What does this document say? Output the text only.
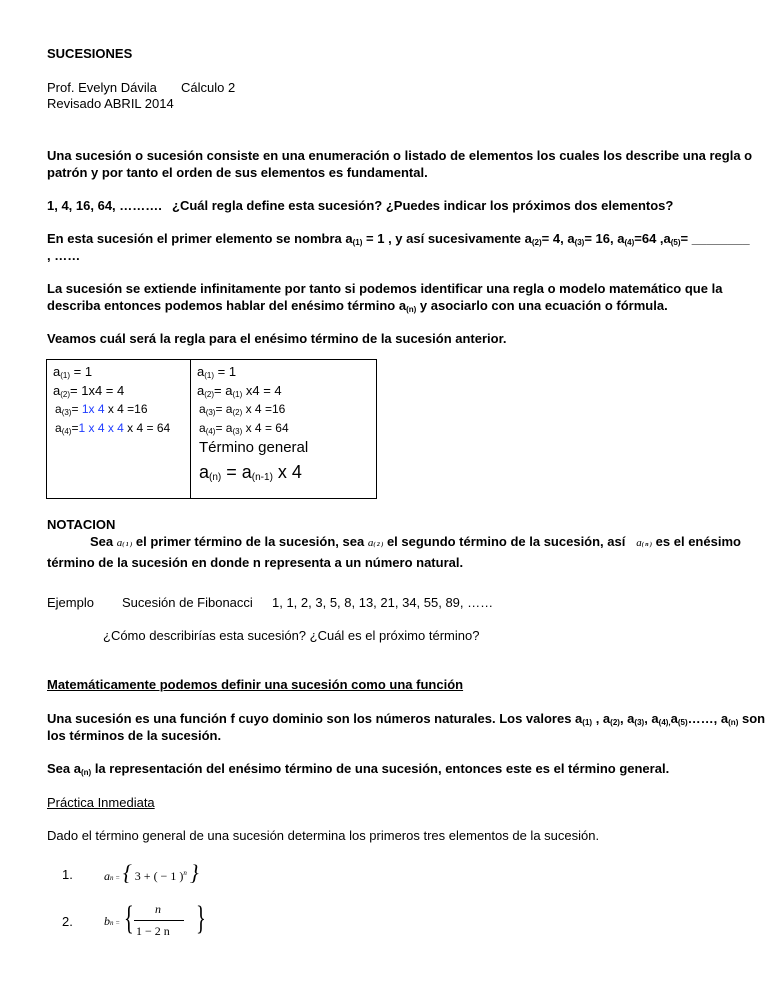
SUCESIONES
Prof. Evelyn Dávila Cálculo 2
Revisado ABRIL 2014
Una sucesión o sucesión consiste en una enumeración o listado de elementos los cuales los describe una regla o
patrón y por tanto el orden de sus elementos es fundamental.
1, 4, 16, 64, ………. ¿Cuál regla define esta sucesión? ¿Puedes indicar los próximos dos elementos?
En esta sucesión el primer elemento se nombra $a_{(1)} = 1$ , y así sucesivamente $a_{(2)}= 4$, $a_{(3)}= 16$, $a_{(4)}=64$ $,a_{(5)}=$ ________
, ……
La sucesión se extiende infinitamente por tanto si podemos identificar una regla o modelo matemático que la
describa entonces podemos hablar del enésimo término $a_{(n)}$ y asociarlo con una ecuación o fórmula.
Veamos cuál será la regla para el enésimo término de la sucesión anterior.
$a_{(1)} = 1$
$a_{(2)}= 1x4 = 4$
$a_{(3)}= 1x$ 4 x 4 =16
$a_{(4)}=1$ x 4 x 4 x 4 = 64
$a_{(1)} = 1$
$a_{(2)}= a_{(1)}$ x4 = 4
$a_{(3)}= a_{(2)}$ x 4 =16
$a_{(4)}= a_{(3)}$ x 4 = 64
Término general
$a_{(n)} = a_{(n-1)}$ x 4
NOTACION
Sea a( 1 ) el primer término de la sucesión, sea a( 2 ) el segundo término de la sucesión, así a( n ) es el enésimo
término de la sucesión en donde n representa a un número natural.
Ejemplo Sucesión de Fibonacci 1, 1, 2, 3, 5, 8, 13, 21, 34, 55, 89, ……
¿Cómo describirías esta sucesión? ¿Cuál es el próximo término?
Matemáticamente podemos definir una sucesión como una función
Una sucesión es una función f cuyo dominio son los números naturales. Los valores $a_{(1)}$ , $a_{(2)}$, $a_{(3)}$, $a_{(4),}a_{(5)}\dots\dots$, $a_{(n)}$ son
los términos de la sucesión.
Sea $a_{(n)}$ la representación del enésimo término de una sucesión, entonces este es el término general.
Práctica Inmediata
Dado el término general de una sucesión determina los primeros tres elementos de la sucesión.
1.	an = { 3 + ( − 1 )$^n$ }
2.	bn = { n
1 − 2 n }
